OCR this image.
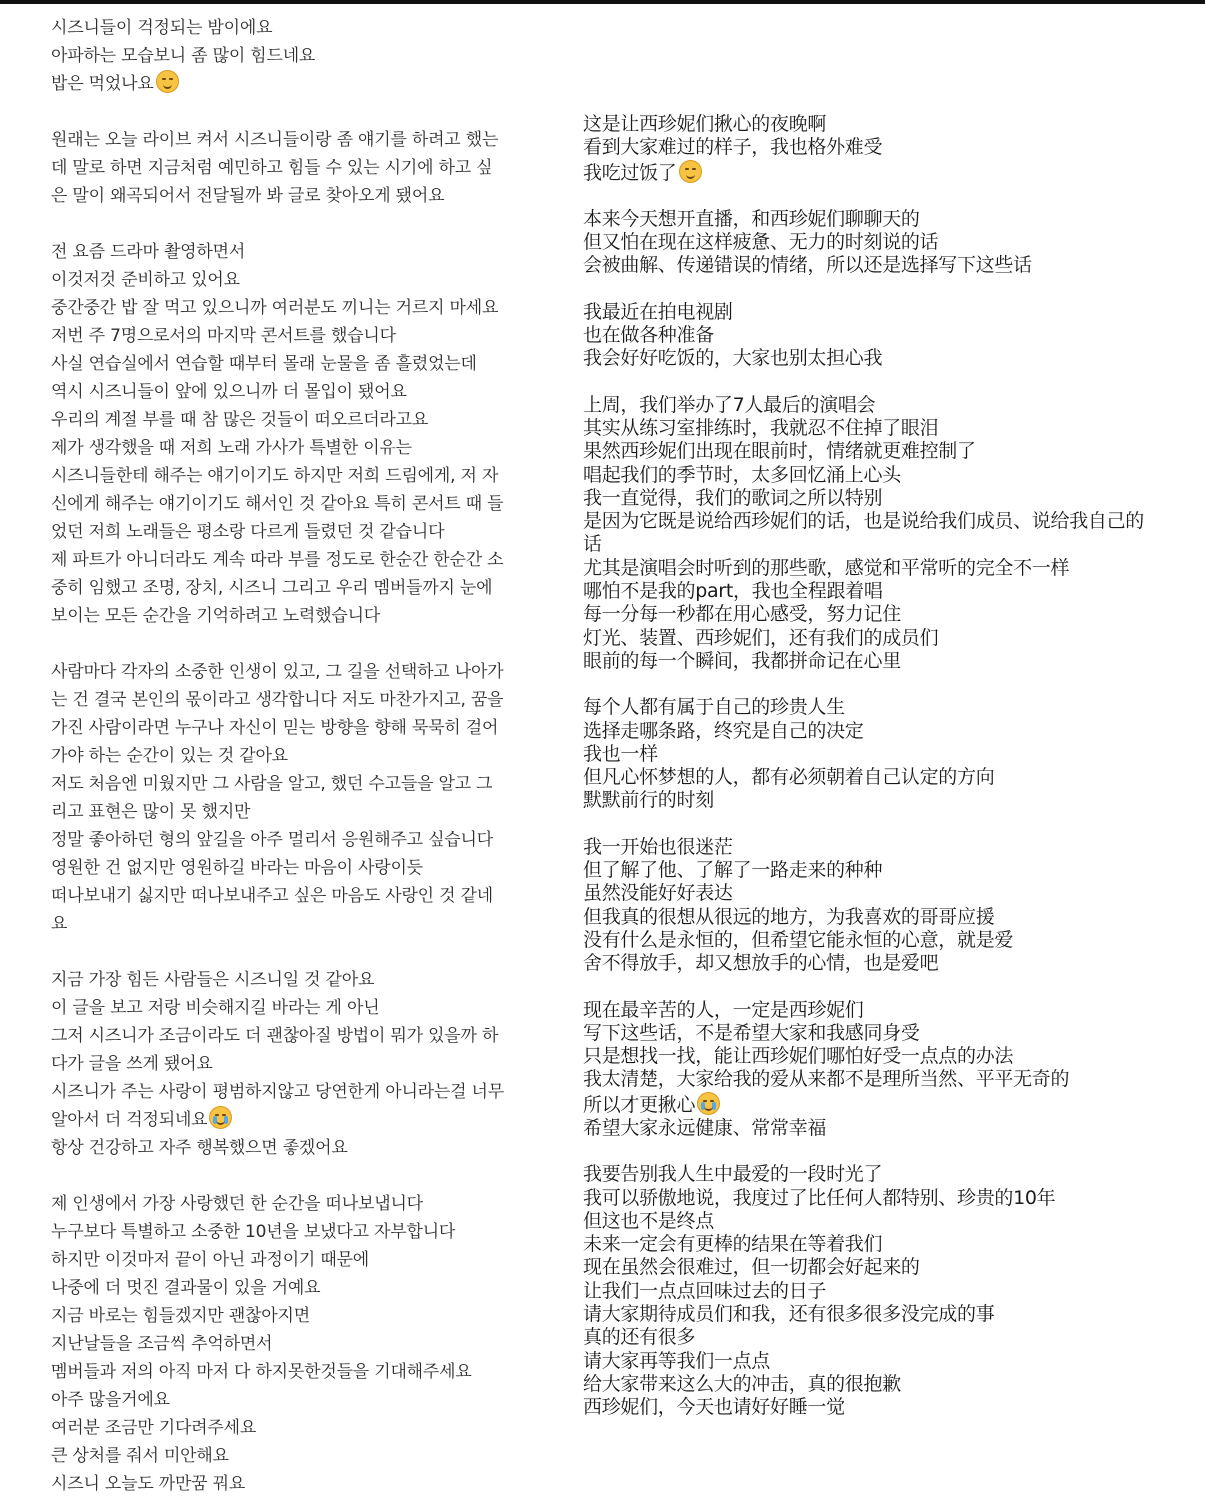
시즈니들이 걱정되는 밤이에요
아파하는 모습보니 좀 많이 힘드네요
밥은 먹었나요
원래는 오늘 라이브 켜서 시즈니들이랑 좀 얘기를 하려고 했는
데 말로 하면 지금처럼 예민하고 힘들 수 있는 시기에 하고 싶
은 말이 왜곡되어서 전달될까 봐 글로 찾아오게 됐어요
전 요즘 드라마 촬영하면서
이것저것 준비하고 있어요
중간중간 밥 잘 먹고 있으니까 여러분도 끼니는 거르지 마세요
저번 주 7명으로서의 마지막 콘서트를 했습니다
사실 연습실에서 연습할 때부터 몰래 눈물을 좀 흘렸었는데
역시 시즈니들이 앞에 있으니까 더 몰입이 됐어요
우리의 계절 부를 때 참 많은 것들이 떠오르더라고요
제가 생각했을 때 저희 노래 가사가 특별한 이유는
시즈니들한테 해주는 얘기이기도 하지만 저희 드림에게, 저 자
신에게 해주는 얘기이기도 해서인 것 같아요 특히 콘서트 때 들
었던 저희 노래들은 평소랑 다르게 들렸던 것 같습니다
제 파트가 아니더라도 계속 따라 부를 정도로 한순간 한순간 소
중히 임했고 조명, 장치, 시즈니 그리고 우리 멤버들까지 눈에
보이는 모든 순간을 기억하려고 노력했습니다
사람마다 각자의 소중한 인생이 있고, 그 길을 선택하고 나아가
는 건 결국 본인의 몫이라고 생각합니다 저도 마찬가지고, 꿈을
가진 사람이라면 누구나 자신이 믿는 방향을 향해 묵묵히 걸어
가야 하는 순간이 있는 것 같아요
저도 처음엔 미웠지만 그 사람을 알고, 했던 수고들을 알고 그
리고 표현은 많이 못 했지만
정말 좋아하던 형의 앞길을 아주 멀리서 응원해주고 싶습니다
영원한 건 없지만 영원하길 바라는 마음이 사랑이듯
떠나보내기 싫지만 떠나보내주고 싶은 마음도 사랑인 것 같네
요
지금 가장 힘든 사람들은 시즈니일 것 같아요
이 글을 보고 저랑 비슷해지길 바라는 게 아닌
그저 시즈니가 조금이라도 더 괜찮아질 방법이 뭐가 있을까 하
다가 글을 쓰게 됐어요
시즈니가 주는 사랑이 평범하지않고 당연한게 아니라는걸 너무
알아서 더 걱정되네요
항상 건강하고 자주 행복했으면 좋겠어요
제 인생에서 가장 사랑했던 한 순간을 떠나보냅니다
누구보다 특별하고 소중한 10년을 보냈다고 자부합니다
하지만 이것마저 끝이 아닌 과정이기 때문에
나중에 더 멋진 결과물이 있을 거예요
지금 바로는 힘들겠지만 괜찮아지면
지난날들을 조금씩 추억하면서
멤버들과 저의 아직 마저 다 하지못한것들을 기대해주세요
아주 많을거에요
여러분 조금만 기다려주세요
큰 상처를 줘서 미안해요
시즈니 오늘도 까만꿈 꿔요
这是让西珍妮们揪心的夜晚啊
看到大家难过的样子，我也格外难受
我吃过饭了
本来今天想开直播，和西珍妮们聊聊天的
但又怕在现在这样疲惫、无力的时刻说的话
会被曲解、传递错误的情绪，所以还是选择写下这些话
我最近在拍电视剧
也在做各种准备
我会好好吃饭的，大家也别太担心我
上周，我们举办了7人最后的演唱会
其实从练习室排练时，我就忍不住掉了眼泪
果然西珍妮们出现在眼前时，情绪就更难控制了
唱起我们的季节时，太多回忆涌上心头
我一直觉得，我们的歌词之所以特别
是因为它既是说给西珍妮们的话，也是说给我们成员、说给我自己的
话
尤其是演唱会时听到的那些歌，感觉和平常听的完全不一样
哪怕不是我的part，我也全程跟着唱
每一分每一秒都在用心感受，努力记住
灯光、装置、西珍妮们，还有我们的成员们
眼前的每一个瞬间，我都拼命记在心里
每个人都有属于自己的珍贵人生
选择走哪条路，终究是自己的决定
我也一样
但凡心怀梦想的人，都有必须朝着自己认定的方向
默默前行的时刻
我一开始也很迷茫
但了解了他、了解了一路走来的种种
虽然没能好好表达
但我真的很想从很远的地方，为我喜欢的哥哥应援
没有什么是永恒的，但希望它能永恒的心意，就是爱
舍不得放手，却又想放手的心情，也是爱吧
现在最辛苦的人，一定是西珍妮们
写下这些话，不是希望大家和我感同身受
只是想找一找，能让西珍妮们哪怕好受一点点的办法
我太清楚，大家给我的爱从来都不是理所当然、平平无奇的
所以才更揪心
希望大家永远健康、常常幸福
我要告别我人生中最爱的一段时光了
我可以骄傲地说，我度过了比任何人都特别、珍贵的10年
但这也不是终点
未来一定会有更棒的结果在等着我们
现在虽然会很难过，但一切都会好起来的
让我们一点点回味过去的日子
请大家期待成员们和我，还有很多很多没完成的事
真的还有很多
请大家再等我们一点点
给大家带来这么大的冲击，真的很抱歉
西珍妮们，今天也请好好睡一觉
